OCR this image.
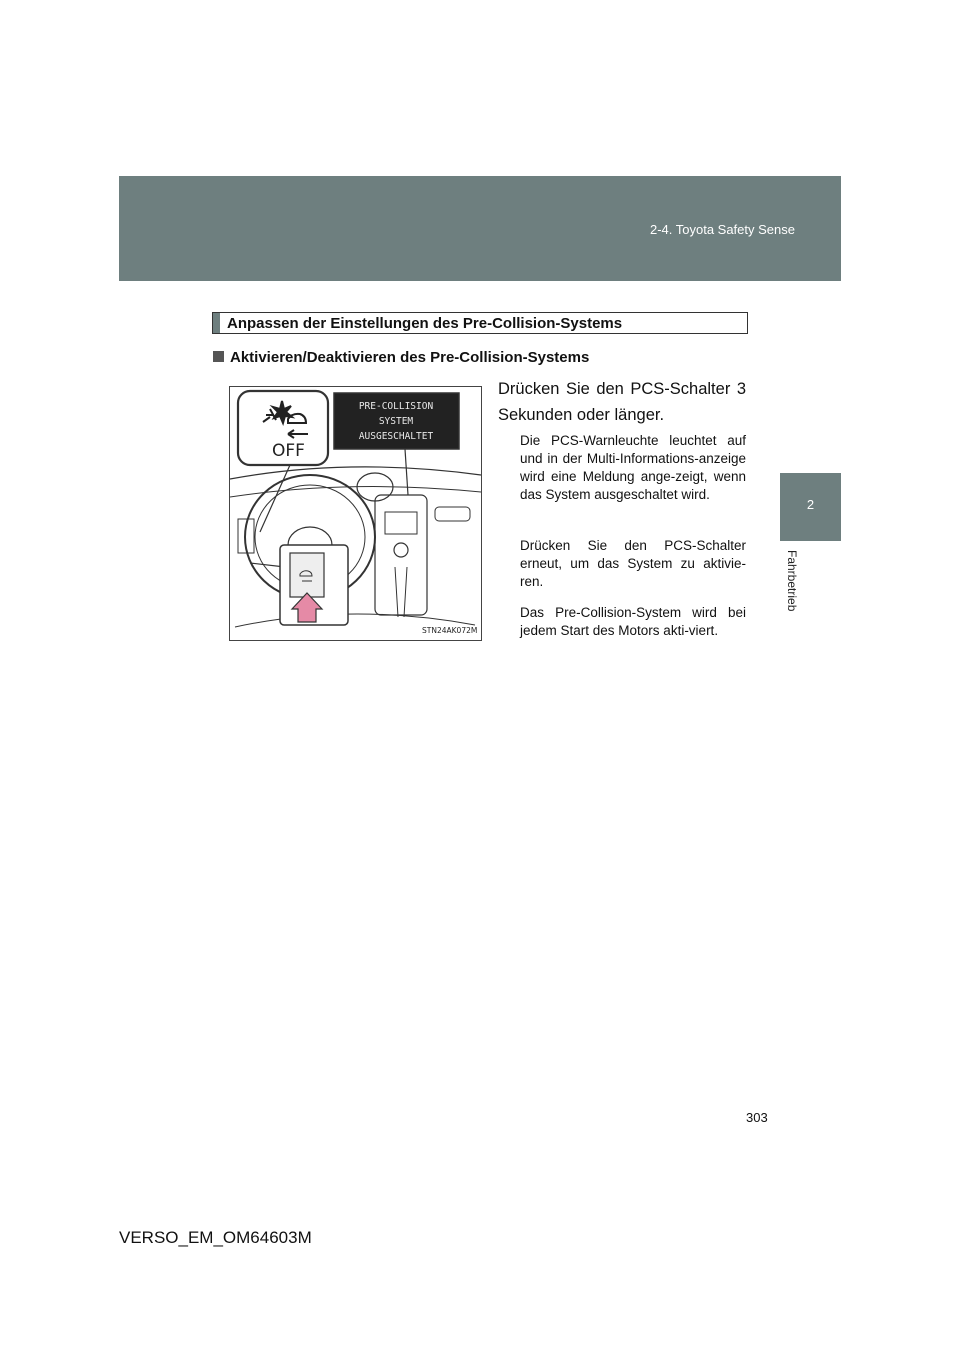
2-4. Toyota Safety Sense
2
Fahrbetrieb
Anpassen der Einstellungen des Pre-Collision-Systems
Aktivieren/Deaktivieren des Pre-Collision-Systems
OFF
PRE-COLLISION
SYSTEM
AUSGESCHALTET
STN24AK072M
Drücken Sie den PCS-Schalter 3
Sekunden oder länger.
Die PCS-Warnleuchte leuchtet auf und in der Multi-Informations-anzeige wird eine Meldung ange-zeigt, wenn das System ausgeschaltet wird.
Drücken Sie den PCS-Schalter erneut, um das System zu aktivie-ren.
Das Pre-Collision-System wird bei jedem Start des Motors akti-viert.
303
VERSO_EM_OM64603M
